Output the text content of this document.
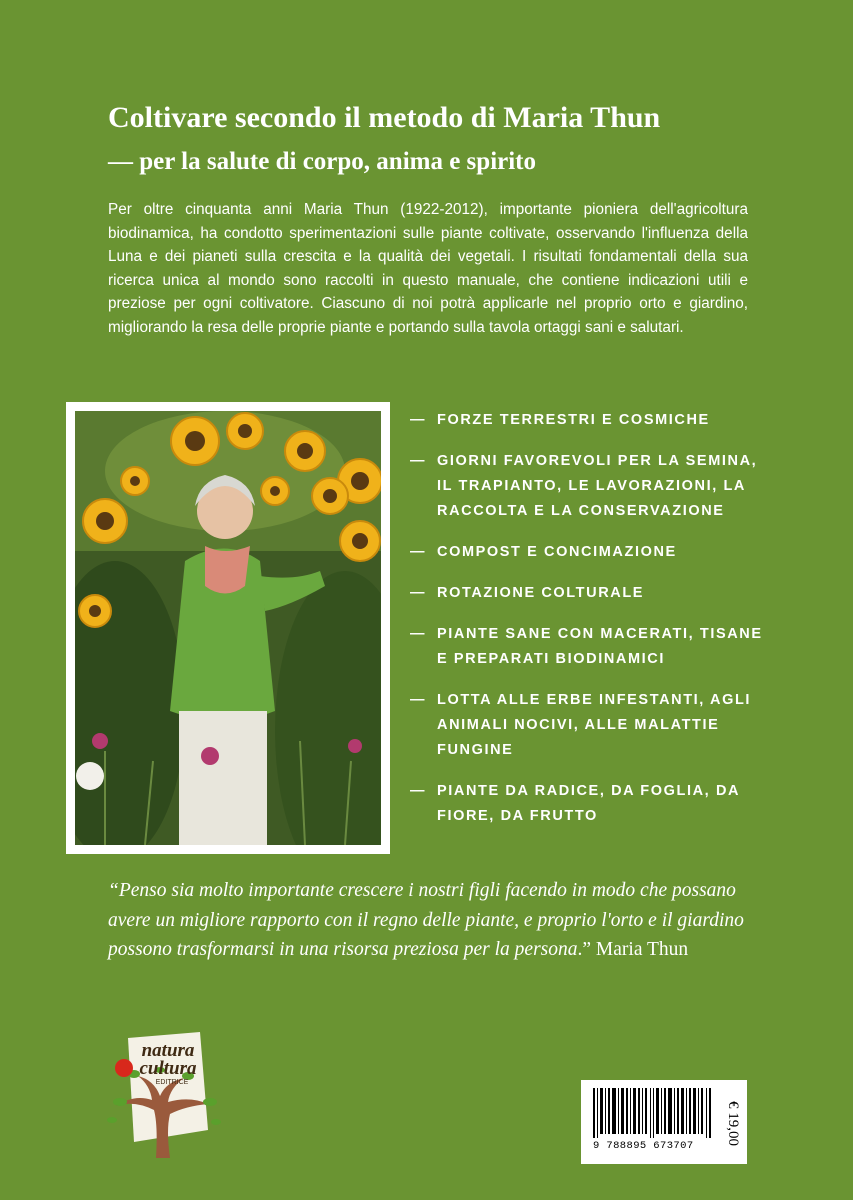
Coltivare secondo il metodo di Maria Thun
— per la salute di corpo, anima e spirito

Per oltre cinquanta anni Maria Thun (1922-2012), importante pioniera dell'agricoltura biodinamica, ha condotto sperimentazioni sulle piante coltivate, osservando l'influenza della Luna e dei pianeti sulla crescita e la qualità dei vegetali. I risultati fondamentali della sua ricerca unica al mondo sono raccolti in questo manuale, che contiene indicazioni utili e preziose per ogni coltivatore. Ciascuno di noi potrà applicarle nel proprio orto e giardino, migliorando la resa delle proprie piante e portando sulla tavola ortaggi sani e salutari.

— FORZE TERRESTRI E COSMICHE
— GIORNI FAVOREVOLI PER LA SEMINA, IL TRAPIANTO, LE LAVORAZIONI, LA RACCOLTA E LA CONSERVAZIONE
— COMPOST E CONCIMAZIONE
— ROTAZIONE COLTURALE
— PIANTE SANE CON MACERATI, TISANE E PREPARATI BIODINAMICI
— LOTTA ALLE ERBE INFESTANTI, AGLI ANIMALI NOCIVI, ALLE MALATTIE FUNGINE
— PIANTE DA RADICE, DA FOGLIA, DA FIORE, DA FRUTTO

“Penso sia molto importante crescere i nostri figli facendo in modo che possano avere un migliore rapporto con il regno delle piante, e proprio l'orto e il giardino possono trasformarsi in una risorsa preziosa per la persona.” Maria Thun

natura
cultura
EDITRICE
9 788895 673707
€ 19,00
